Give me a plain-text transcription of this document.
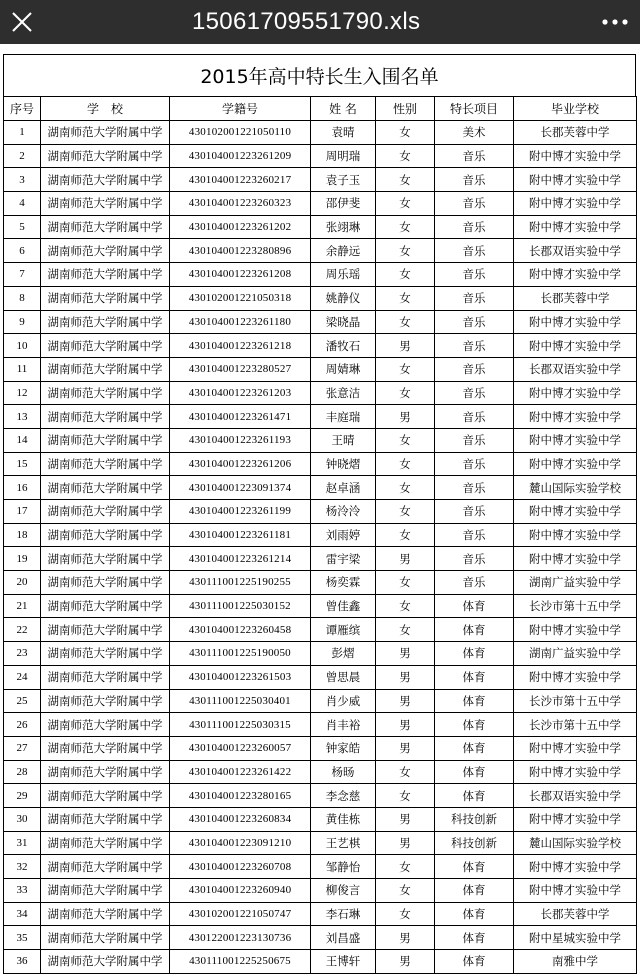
15061709551790.xls
2015年高中特长生入围名单
序号	学　校	学籍号	姓 名	性别	特长项目	毕业学校
1	湖南师范大学附属中学	430102001221050110	袁晴	女	美术	长郡芙蓉中学
2	湖南师范大学附属中学	430104001223261209	周明瑞	女	音乐	附中博才实验中学
3	湖南师范大学附属中学	430104001223260217	袁子玉	女	音乐	附中博才实验中学
4	湖南师范大学附属中学	430104001223260323	邵伊斐	女	音乐	附中博才实验中学
5	湖南师范大学附属中学	430104001223261202	张翊琳	女	音乐	附中博才实验中学
6	湖南师范大学附属中学	430104001223280896	余静远	女	音乐	长郡双语实验中学
7	湖南师范大学附属中学	430104001223261208	周乐瑶	女	音乐	附中博才实验中学
8	湖南师范大学附属中学	430102001221050318	姚静仪	女	音乐	长郡芙蓉中学
9	湖南师范大学附属中学	430104001223261180	梁晓晶	女	音乐	附中博才实验中学
10	湖南师范大学附属中学	430104001223261218	潘牧石	男	音乐	附中博才实验中学
11	湖南师范大学附属中学	430104001223280527	周婧琳	女	音乐	长郡双语实验中学
12	湖南师范大学附属中学	430104001223261203	张意洁	女	音乐	附中博才实验中学
13	湖南师范大学附属中学	430104001223261471	丰庭瑞	男	音乐	附中博才实验中学
14	湖南师范大学附属中学	430104001223261193	王晴	女	音乐	附中博才实验中学
15	湖南师范大学附属中学	430104001223261206	钟晓熠	女	音乐	附中博才实验中学
16	湖南师范大学附属中学	430104001223091374	赵卓涵	女	音乐	麓山国际实验学校
17	湖南师范大学附属中学	430104001223261199	杨泠泠	女	音乐	附中博才实验中学
18	湖南师范大学附属中学	430104001223261181	刘雨婷	女	音乐	附中博才实验中学
19	湖南师范大学附属中学	430104001223261214	雷宇梁	男	音乐	附中博才实验中学
20	湖南师范大学附属中学	430111001225190255	杨奕霖	女	音乐	湖南广益实验中学
21	湖南师范大学附属中学	430111001225030152	曾佳鑫	女	体育	长沙市第十五中学
22	湖南师范大学附属中学	430104001223260458	谭雁缤	女	体育	附中博才实验中学
23	湖南师范大学附属中学	430111001225190050	彭熠	男	体育	湖南广益实验中学
24	湖南师范大学附属中学	430104001223261503	曾思晨	男	体育	附中博才实验中学
25	湖南师范大学附属中学	430111001225030401	肖少威	男	体育	长沙市第十五中学
26	湖南师范大学附属中学	430111001225030315	肖丰裕	男	体育	长沙市第十五中学
27	湖南师范大学附属中学	430104001223260057	钟家皓	男	体育	附中博才实验中学
28	湖南师范大学附属中学	430104001223261422	杨旸	女	体育	附中博才实验中学
29	湖南师范大学附属中学	430104001223280165	李念慈	女	体育	长郡双语实验中学
30	湖南师范大学附属中学	430104001223260834	黄佳栋	男	科技创新	附中博才实验中学
31	湖南师范大学附属中学	430104001223091210	王艺棋	男	科技创新	麓山国际实验学校
32	湖南师范大学附属中学	430104001223260708	邹静怡	女	体育	附中博才实验中学
33	湖南师范大学附属中学	430104001223260940	柳俊言	女	体育	附中博才实验中学
34	湖南师范大学附属中学	430102001221050747	李石琳	女	体育	长郡芙蓉中学
35	湖南师范大学附属中学	430122001223130736	刘昌盛	男	体育	附中星城实验中学
36	湖南师范大学附属中学	430111001225250675	王博轩	男	体育	南雅中学
